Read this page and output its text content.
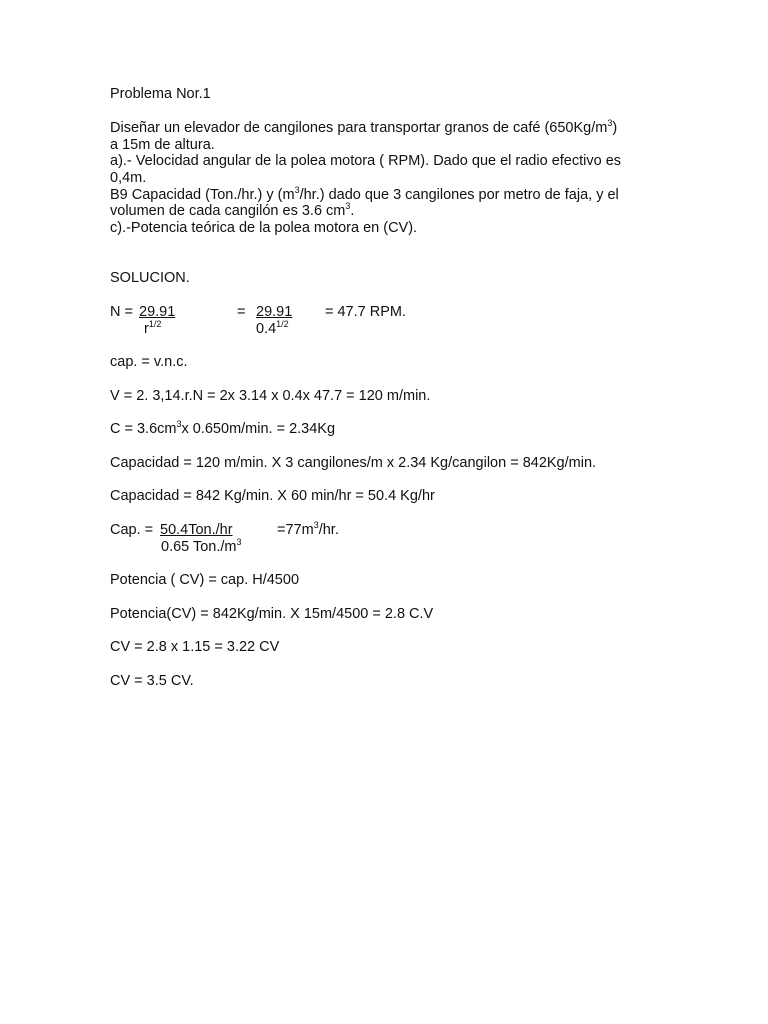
Problema Nor.1
Diseñar un elevador de cangilones para transportar granos de café $(650Kg/m^3)$
a 15m de altura.
a).- Velocidad angular de la polea motora ( RPM). Dado que el radio efectivo es
0,4m.
B9 Capacidad (Ton./hr.) y $(m^3/hr.)$ dado que 3 cangilones por metro de faja, y el
volumen de cada cangilón es 3.6 $cm^3$.
c).-Potencia teórica de la polea motora en (CV).
SOLUCION.
N = 29.91	= 29.91 = 47.7 RPM.
$r^{1/2}$	$0.4^{1/2}$
cap. = v.n.c.
V = 2. 3,14.r.N = 2x 3.14 x 0.4x 47.7 = 120 m/min.
$C = 3.6cm^3x$ 0.650m/min. = 2.34Kg
Capacidad = 120 m/min. X 3 cangilones/m x 2.34 Kg/cangilon = 842Kg/min.
Capacidad = 842 Kg/min. X 60 min/hr = 50.4 Kg/hr
Cap. = 50.4Ton./hr	$=77m^3/hr$.
0.65 $Ton./m^3$
Potencia ( CV) = cap. H/4500
Potencia(CV) = 842Kg/min. X 15m/4500 = 2.8 C.V
CV = 2.8 x 1.15 = 3.22 CV
CV = 3.5 CV.
